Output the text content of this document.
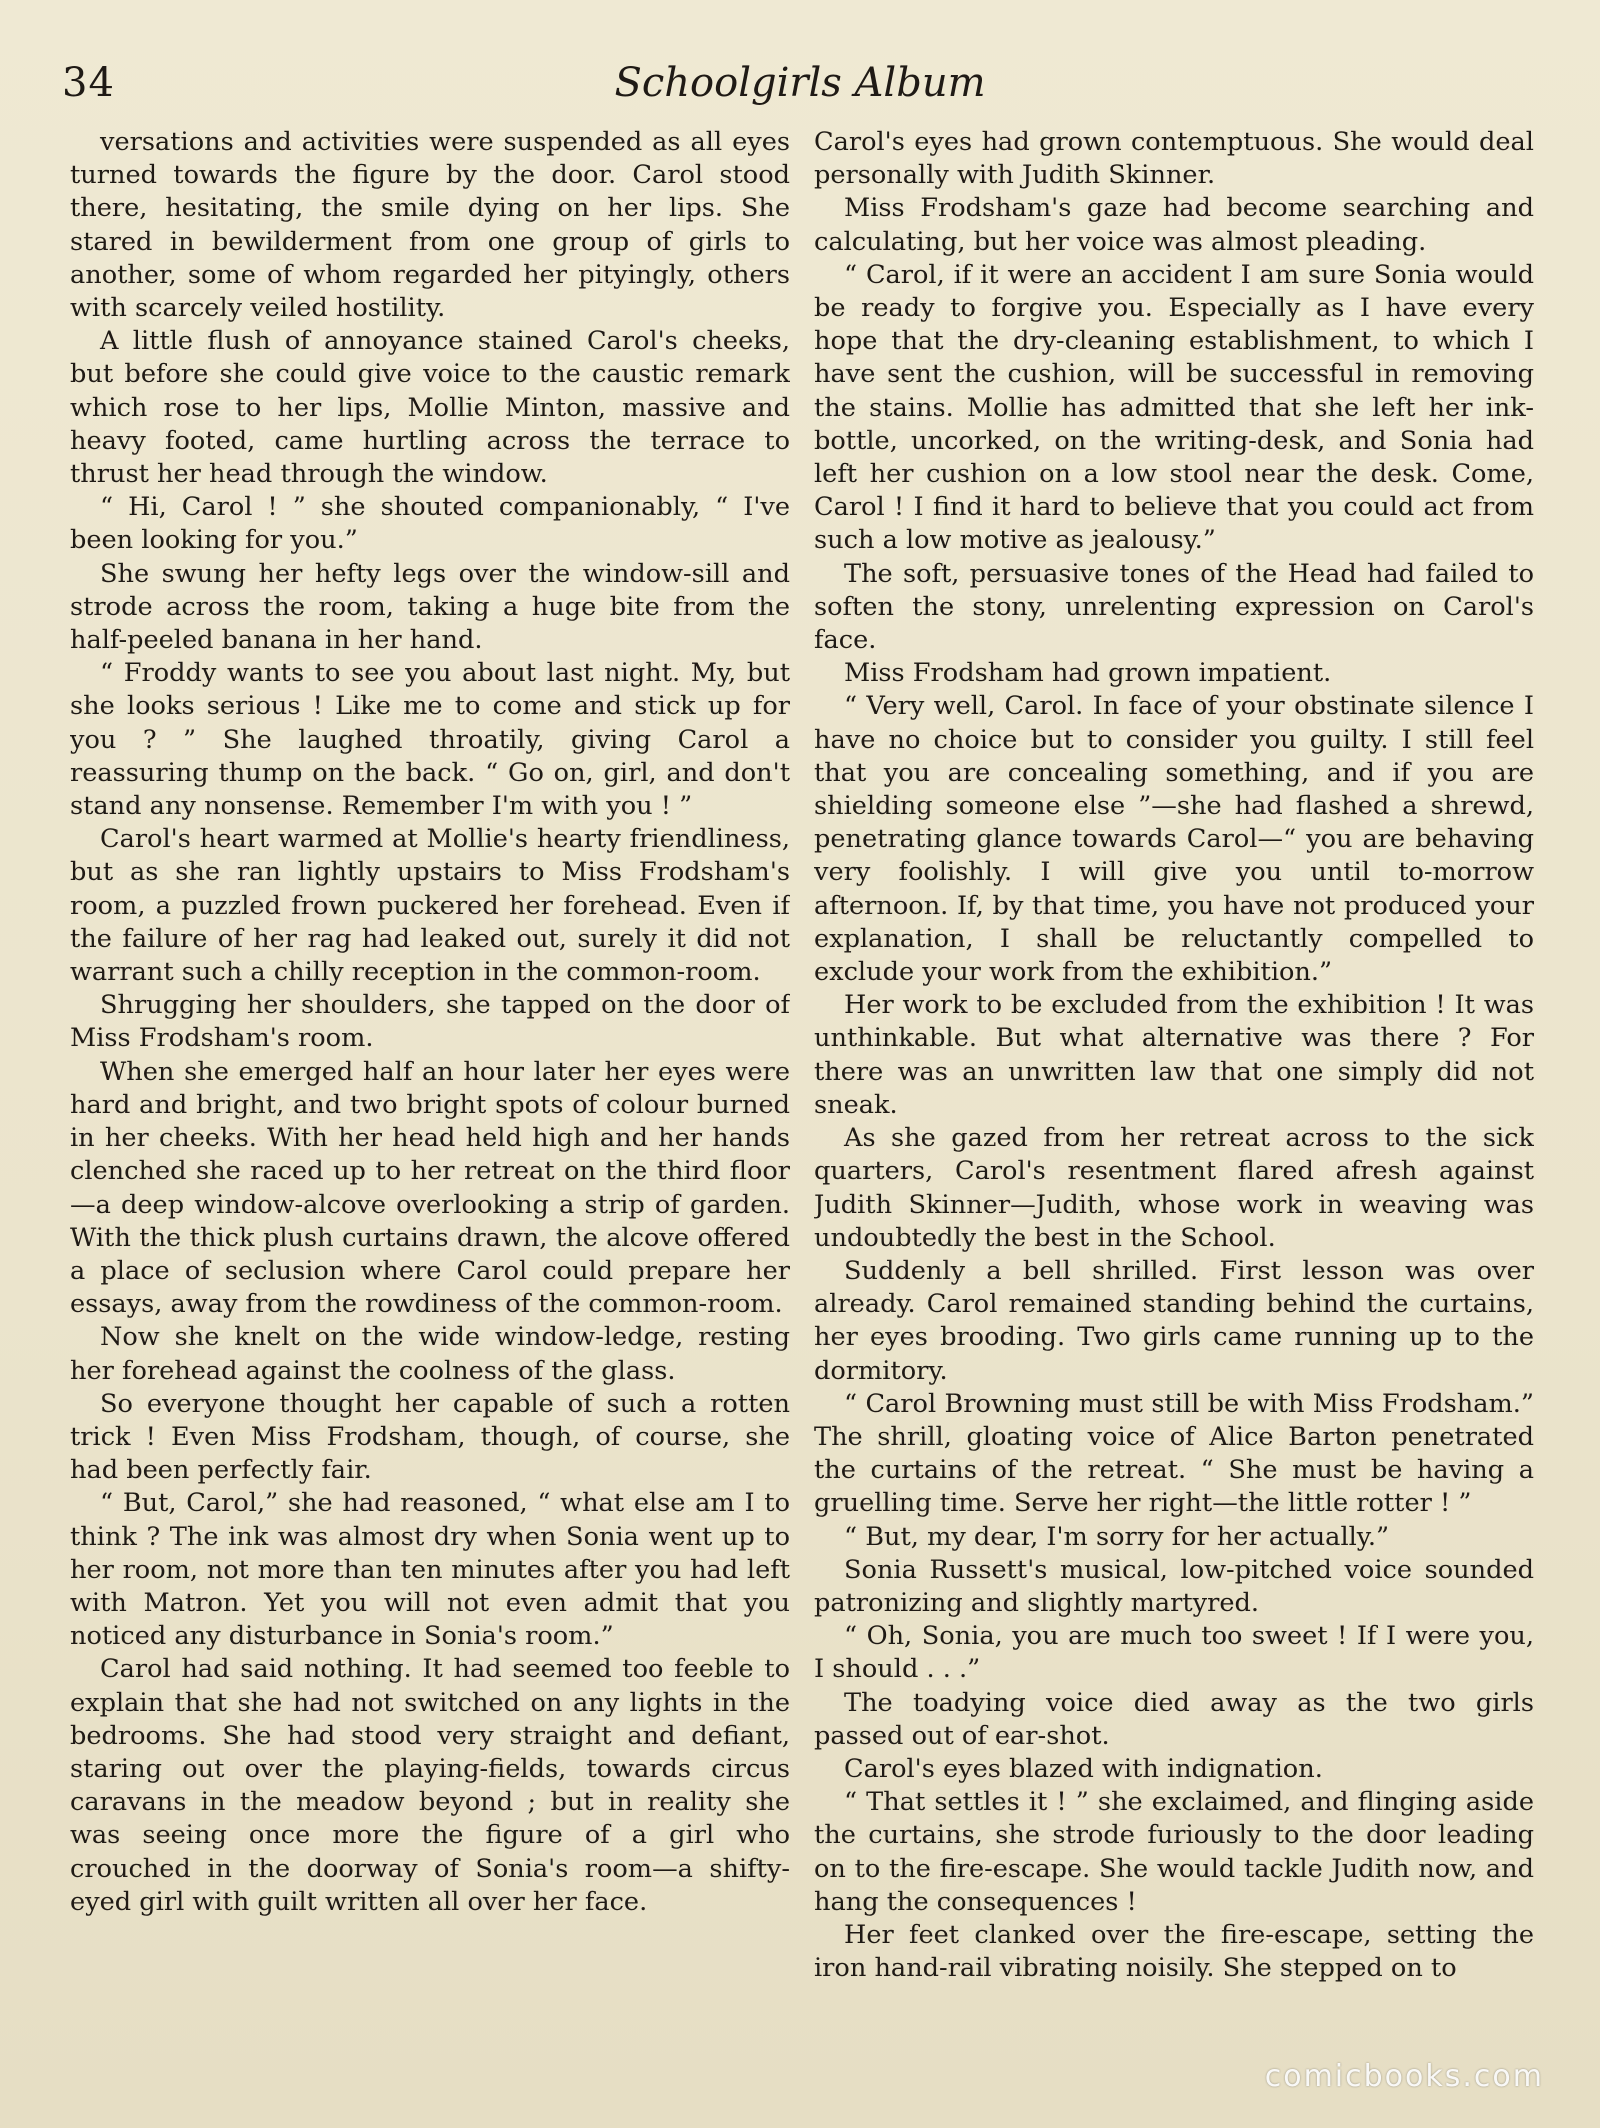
34	Schoolgirls Album

versations and activities were suspended as all eyes turned towards the figure by the door. Carol stood there, hesitating, the smile dying on her lips. She stared in bewilderment from one group of girls to another, some of whom regarded her pityingly, others with scarcely veiled hostility.

A little flush of annoyance stained Carol's cheeks, but before she could give voice to the caustic remark which rose to her lips, Mollie Minton, massive and heavy footed, came hurtling across the terrace to thrust her head through the window.

“ Hi, Carol ! ” she shouted companionably, “ I've been looking for you.”

She swung her hefty legs over the window-sill and strode across the room, taking a huge bite from the half-peeled banana in her hand.

“ Froddy wants to see you about last night. My, but she looks serious ! Like me to come and stick up for you ? ” She laughed throatily, giving Carol a reassuring thump on the back. “ Go on, girl, and don't stand any nonsense. Remember I'm with you ! ”

Carol's heart warmed at Mollie's hearty friendliness, but as she ran lightly upstairs to Miss Frodsham's room, a puzzled frown puckered her forehead. Even if the failure of her rag had leaked out, surely it did not warrant such a chilly reception in the common-room.

Shrugging her shoulders, she tapped on the door of Miss Frodsham's room.

When she emerged half an hour later her eyes were hard and bright, and two bright spots of colour burned in her cheeks. With her head held high and her hands clenched she raced up to her retreat on the third floor—a deep window-alcove overlooking a strip of garden. With the thick plush curtains drawn, the alcove offered a place of seclusion where Carol could prepare her essays, away from the rowdiness of the common-room.

Now she knelt on the wide window-ledge, resting her forehead against the coolness of the glass.

So everyone thought her capable of such a rotten trick ! Even Miss Frodsham, though, of course, she had been perfectly fair.

“ But, Carol,” she had reasoned, “ what else am I to think ? The ink was almost dry when Sonia went up to her room, not more than ten minutes after you had left with Matron. Yet you will not even admit that you noticed any disturbance in Sonia's room.”

Carol had said nothing. It had seemed too feeble to explain that she had not switched on any lights in the bedrooms. She had stood very straight and defiant, staring out over the playing-fields, towards circus caravans in the meadow beyond ; but in reality she was seeing once more the figure of a girl who crouched in the doorway of Sonia's room—a shifty-eyed girl with guilt written all over her face.

Carol's eyes had grown contemptuous. She would deal personally with Judith Skinner.

Miss Frodsham's gaze had become searching and calculating, but her voice was almost pleading.

“ Carol, if it were an accident I am sure Sonia would be ready to forgive you. Especially as I have every hope that the dry-cleaning establishment, to which I have sent the cushion, will be successful in removing the stains. Mollie has admitted that she left her ink-bottle, uncorked, on the writing-desk, and Sonia had left her cushion on a low stool near the desk. Come, Carol ! I find it hard to believe that you could act from such a low motive as jealousy.”

The soft, persuasive tones of the Head had failed to soften the stony, unrelenting expression on Carol's face.

Miss Frodsham had grown impatient.

“ Very well, Carol. In face of your obstinate silence I have no choice but to consider you guilty. I still feel that you are concealing something, and if you are shielding someone else ”—she had flashed a shrewd, penetrating glance towards Carol—“ you are behaving very foolishly. I will give you until to-morrow afternoon. If, by that time, you have not produced your explanation, I shall be reluctantly compelled to exclude your work from the exhibition.”

Her work to be excluded from the exhibition ! It was unthinkable. But what alternative was there ? For there was an unwritten law that one simply did not sneak.

As she gazed from her retreat across to the sick quarters, Carol's resentment flared afresh against Judith Skinner—Judith, whose work in weaving was undoubtedly the best in the School.

Suddenly a bell shrilled. First lesson was over already. Carol remained standing behind the curtains, her eyes brooding. Two girls came running up to the dormitory.

“ Carol Browning must still be with Miss Frodsham.” The shrill, gloating voice of Alice Barton penetrated the curtains of the retreat. “ She must be having a gruelling time. Serve her right—the little rotter ! ”

“ But, my dear, I'm sorry for her actually.”

Sonia Russett's musical, low-pitched voice sounded patronizing and slightly martyred.

“ Oh, Sonia, you are much too sweet ! If I were you, I should . . .”

The toadying voice died away as the two girls passed out of ear-shot.

Carol's eyes blazed with indignation.

“ That settles it ! ” she exclaimed, and flinging aside the curtains, she strode furiously to the door leading on to the fire-escape. She would tackle Judith now, and hang the consequences !

Her feet clanked over the fire-escape, setting the iron hand-rail vibrating noisily. She stepped on to

comicbooks.com
